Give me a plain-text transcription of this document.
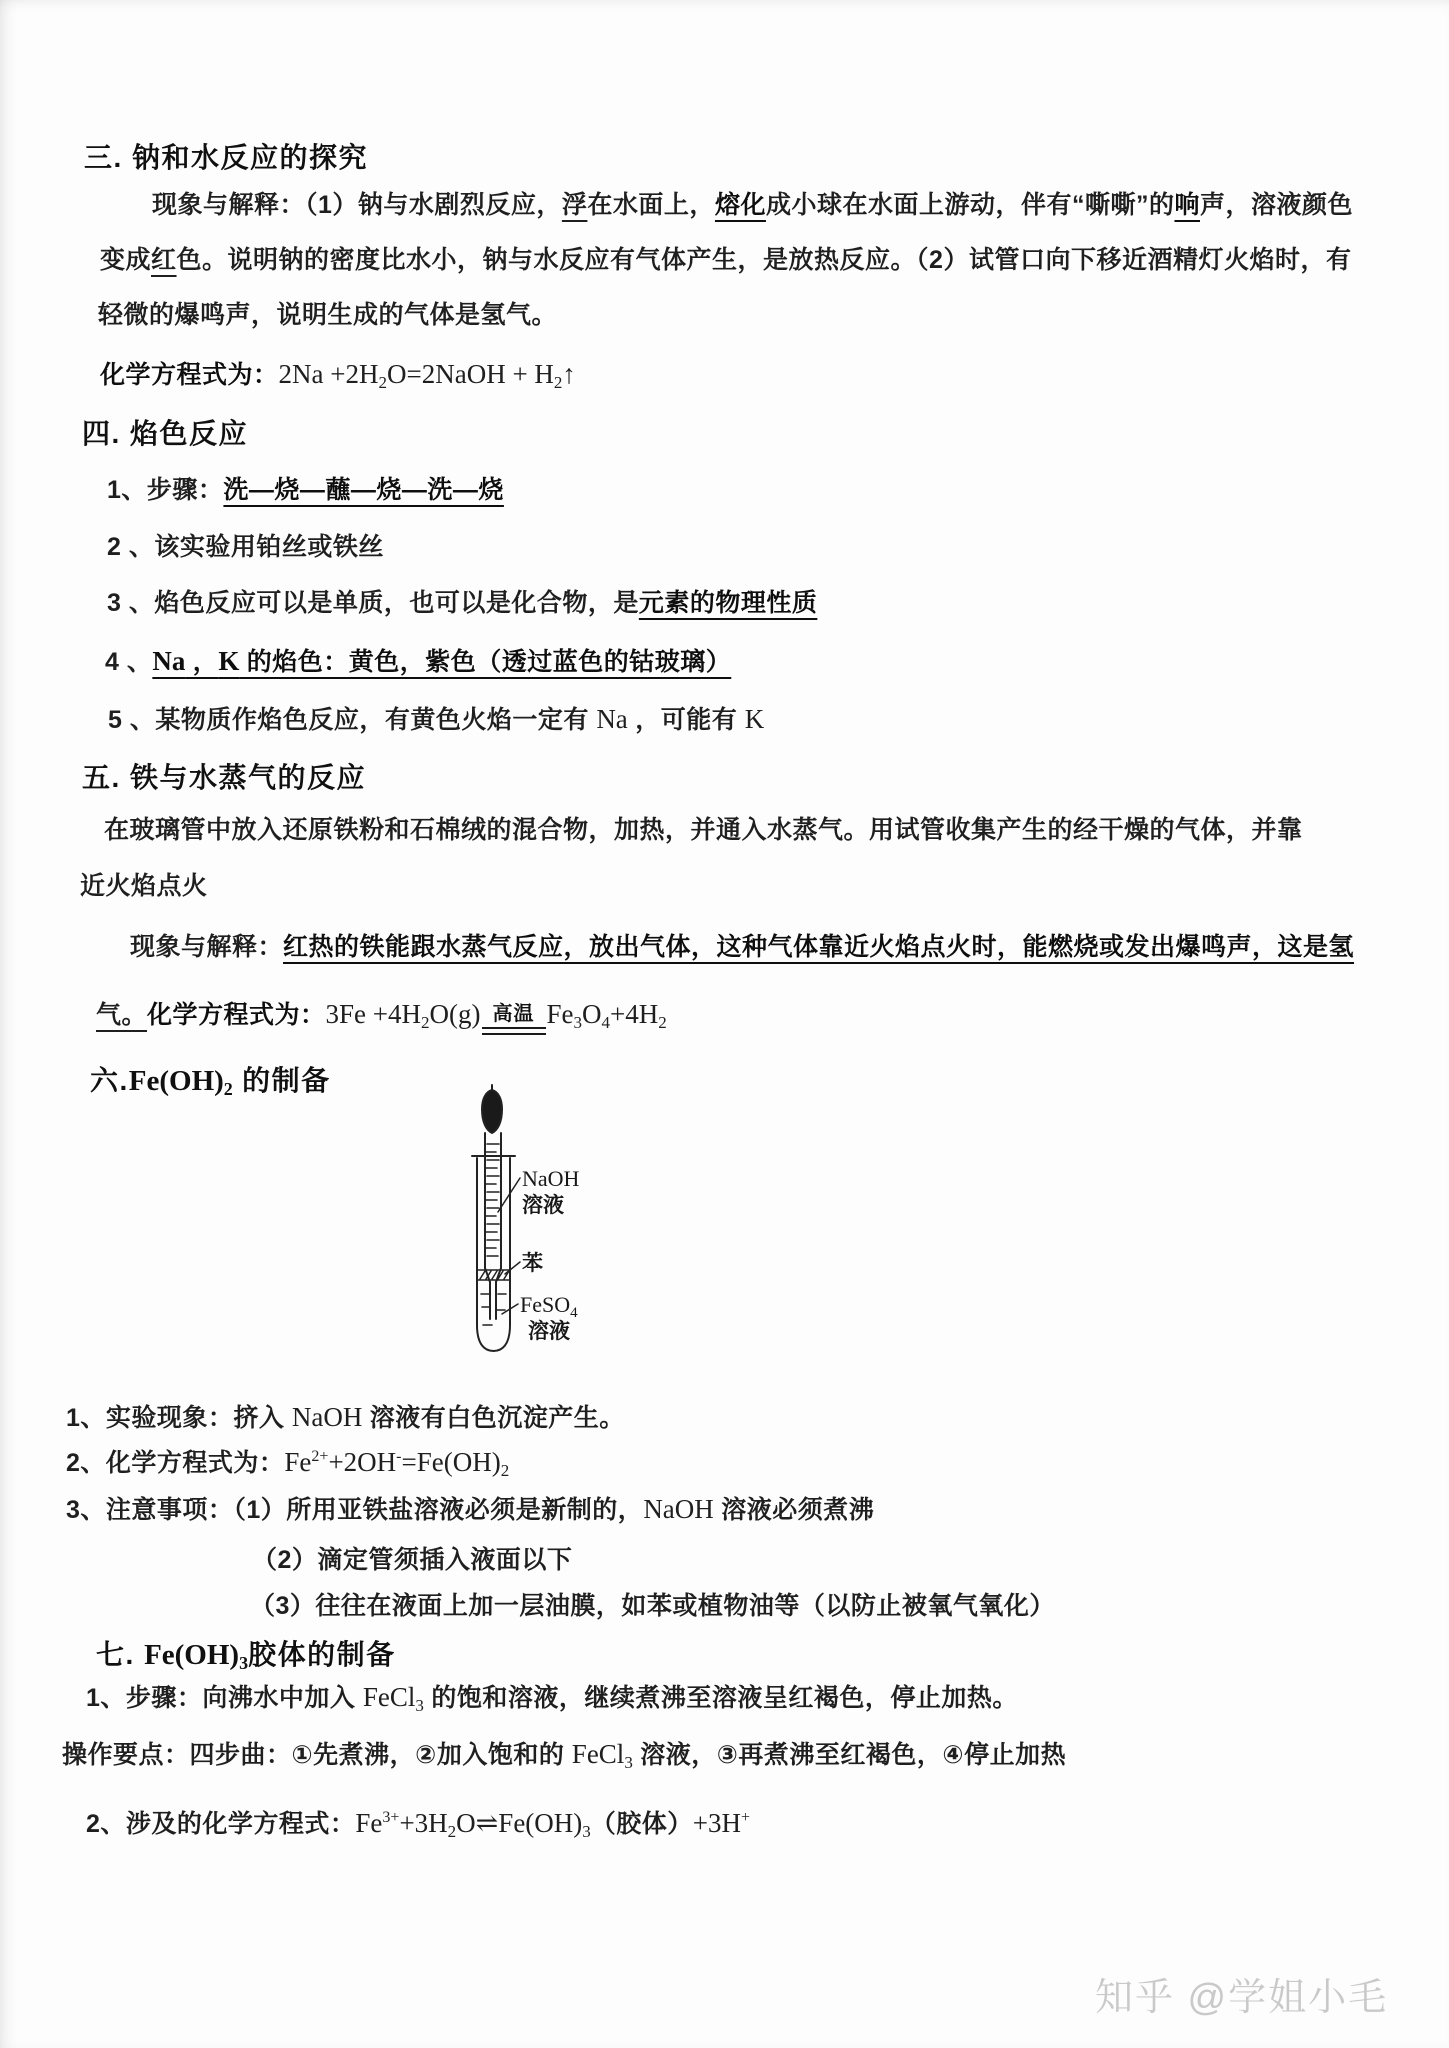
三. 钠和水反应的探究
现象与解释：（1）钠与水剧烈反应，浮在水面上，熔化成小球在水面上游动，伴有“嘶嘶”的响声，溶液颜色
变成红色。说明钠的密度比水小，钠与水反应有气体产生，是放热反应。（2）试管口向下移近酒精灯火焰时，有
轻微的爆鸣声，说明生成的气体是氢气。
化学方程式为：$2Na +2H_2O=2NaOH$ + $H_2↑$
四. 焰色反应
1、步骤：洗—烧—蘸—烧—洗—烧
2 、该实验用铂丝或铁丝
3 、焰色反应可以是单质，也可以是化合物，是元素的物理性质
4 、Na ，K 的焰色：黄色，紫色（透过蓝色的钴玻璃）
5 、某物质作焰色反应，有黄色火焰一定有 Na ，可能有 K
五. 铁与水蒸气的反应
在玻璃管中放入还原铁粉和石棉绒的混合物，加热，并通入水蒸气。用试管收集产生的经干燥的气体，并靠
近火焰点火
现象与解释：红热的铁能跟水蒸气反应，放出气体，这种气体靠近火焰点火时，能燃烧或发出爆鸣声，这是氢
气。化学方程式为：$3Fe +4H_2O(g)$ 高温 $Fe_3O_4+4H_2$
六$.Fe(OH)_2$ 的制备
NaOH
溶液
苯
FeSO$_4$
溶液
1、实验现象：挤入 NaOH 溶液有白色沉淀产生。
2、化学方程式为：$Fe^{2+}+2OH^-=Fe(OH)_2$
3、注意事项：（1）所用亚铁盐溶液必须是新制的，NaOH 溶液必须煮沸
（2）滴定管须插入液面以下
（3）往往在液面上加一层油膜，如苯或植物油等（以防止被氧气氧化）
七. $Fe(OH)_3$胶体的制备
1、步骤：向沸水中加入 FeCl$_3$ 的饱和溶液，继续煮沸至溶液呈红褐色，停止加热。
操作要点：四步曲：①先煮沸，②加入饱和的 FeCl$_3$ 溶液，③再煮沸至红褐色，④停止加热
2、涉及的化学方程式：$Fe^{3+}+3H_2O\rightleftharpoons Fe(OH)_3$（胶体）+3H+
知乎 @学姐小毛
